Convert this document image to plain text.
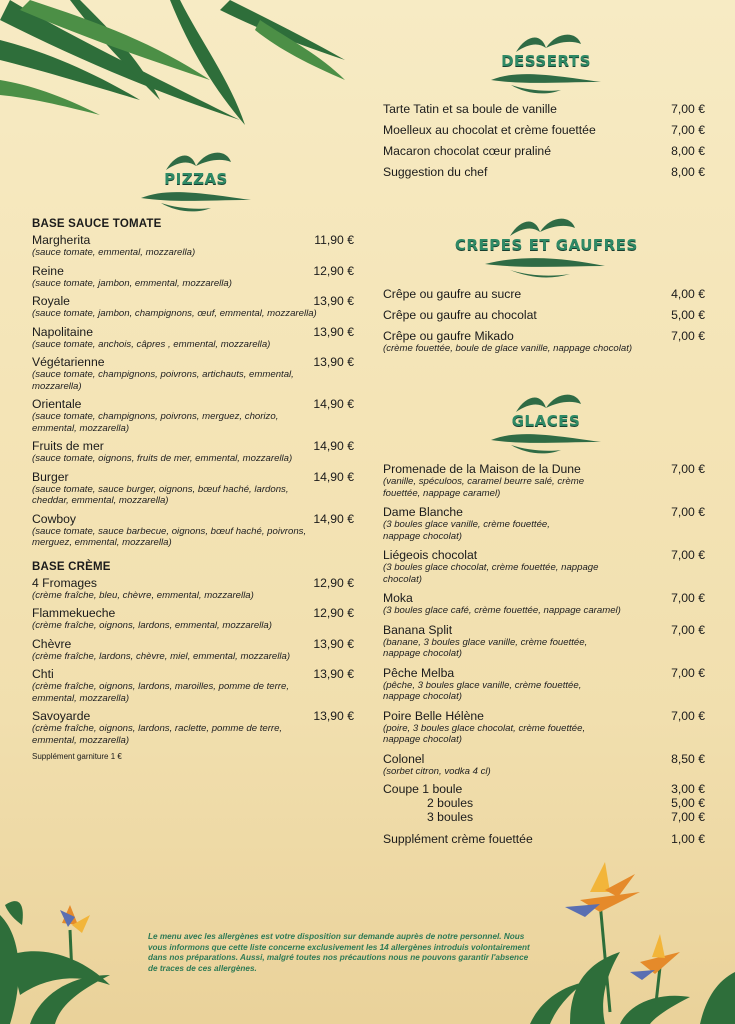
PIZZAS
DESSERTS
CREPES ET GAUFRES
GLACES
BASE SAUCE TOMATE
Margherita	11,90 €
(sauce tomate, emmental, mozzarella)
Reine	12,90 €
(sauce tomate, jambon, emmental, mozzarella)
Royale	13,90 €
(sauce tomate, jambon, champignons, œuf, emmental, mozzarella)
Napolitaine	13,90 €
(sauce tomate, anchois, câpres , emmental, mozzarella)
Végétarienne	13,90 €
(sauce tomate, champignons, poivrons, artichauts, emmental, mozzarella)
Orientale	14,90 €
(sauce tomate, champignons, poivrons, merguez, chorizo, emmental, mozzarella)
Fruits de mer	14,90 €
(sauce tomate, oignons, fruits de mer, emmental, mozzarella)
Burger	14,90 €
(sauce tomate, sauce burger, oignons, bœuf haché, lardons, cheddar, emmental, mozzarella)
Cowboy	14,90 €
(sauce tomate, sauce barbecue, oignons, bœuf haché, poivrons, merguez, emmental, mozzarella)
BASE CRÈME
4 Fromages	12,90 €
(crème fraîche, bleu, chèvre, emmental, mozzarella)
Flammekueche	12,90 €
(crème fraîche, oignons, lardons, emmental, mozzarella)
Chèvre	13,90 €
(crème fraîche, lardons, chèvre, miel, emmental, mozzarella)
Chti	13,90 €
(crème fraîche, oignons, lardons, maroilles, pomme de terre, emmental, mozzarella)
Savoyarde	13,90 €
(crème fraîche, oignons, lardons, raclette, pomme de terre, emmental, mozzarella)
Supplément garniture 1 €
Tarte Tatin et sa boule de vanille	7,00 €
Moelleux au chocolat et crème fouettée	7,00 €
Macaron chocolat cœur praliné	8,00 €
Suggestion du chef	8,00 €
Crêpe ou gaufre au sucre	4,00 €
Crêpe ou gaufre au chocolat	5,00 €
Crêpe ou gaufre Mikado	7,00 €
(crème fouettée, boule de glace vanille, nappage chocolat)
Promenade de la Maison de la Dune	7,00 €
(vanille, spéculoos, caramel beurre salé, crème fouettée, nappage caramel)
Dame Blanche	7,00 €
(3 boules glace vanille, crème fouettée, nappage chocolat)
Liégeois chocolat	7,00 €
(3 boules glace chocolat, crème fouettée, nappage chocolat)
Moka	7,00 €
(3 boules glace café, crème fouettée, nappage caramel)
Banana Split	7,00 €
(banane, 3 boules glace vanille, crème fouettée, nappage chocolat)
Pêche Melba	7,00 €
(pêche, 3 boules glace vanille, crème fouettée, nappage chocolat)
Poire Belle Hélène	7,00 €
(poire, 3 boules glace chocolat, crème fouettée, nappage chocolat)
Colonel	8,50 €
(sorbet citron, vodka 4 cl)
Coupe 1 boule	3,00 €
2 boules	5,00 €
3 boules	7,00 €
Supplément crème fouettée	1,00 €
Le menu avec les allergènes est votre disposition sur demande auprès de notre personnel. Nous vous informons que cette liste concerne exclusivement les 14 allergènes introduis volontairement dans nos préparations. Aussi, malgré toutes nos précautions nous ne pouvons garantir l'absence de traces de ces allergènes.
